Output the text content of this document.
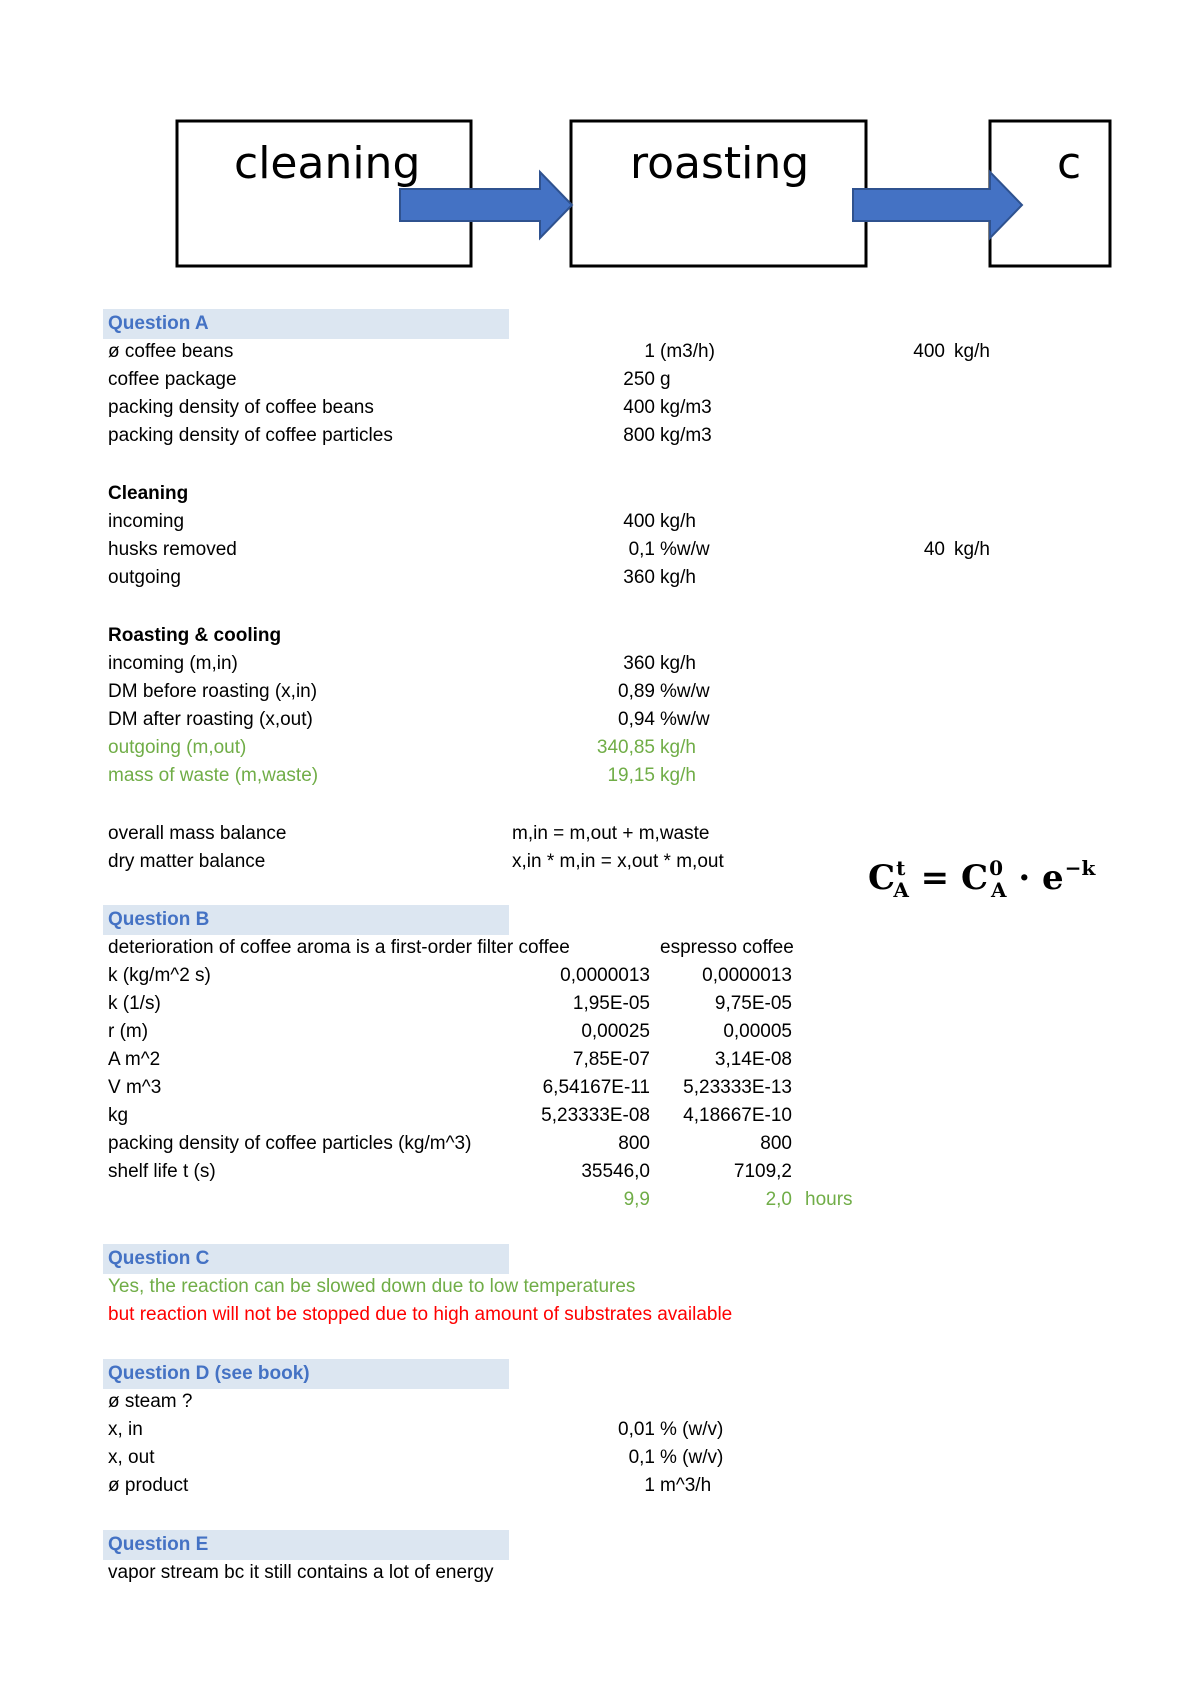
cleaning	roasting	c
$C^t_A = C^0_A \cdot e^{-k}$
Question A
ø coffee beans	1 (m3/h)	400 kg/h
coffee package	250 g
packing density of coffee beans	400 kg/m3
packing density of coffee particles	800 kg/m3
Cleaning
incoming	400 kg/h
husks removed	0,1 %w/w	40 kg/h
outgoing	360 kg/h
Roasting & cooling
incoming (m,in)	360 kg/h
DM before roasting (x,in)	0,89 %w/w
DM after roasting (x,out)	0,94 %w/w
outgoing (m,out)	340,85 kg/h
mass of waste (m,waste)	19,15 kg/h
overall mass balance	m,in = m,out + m,waste
dry matter balance	x,in * m,in = x,out * m,out
Question B
deterioration of coffee aroma is a first-order filter coffee	espresso coffee
k (kg/m^2 s)	0,0000013	0,0000013
k (1/s)	1,95E-05	9,75E-05
r (m)	0,00025	0,00005
A m^2	7,85E-07	3,14E-08
V m^3	6,54167E-11 5,23333E-13
kg	5,23333E-08 4,18667E-10
packing density of coffee particles (kg/m^3)	800	800
shelf life t (s)	35546,0	7109,2
9,9	2,0 hours
Question C
Yes, the reaction can be slowed down due to low temperatures
but reaction will not be stopped due to high amount of substrates available
Question D (see book)
ø steam ?
x, in	0,01 % (w/v)
x, out	0,1 % (w/v)
ø product	1 m^3/h
Question E
vapor stream bc it still contains a lot of energy
